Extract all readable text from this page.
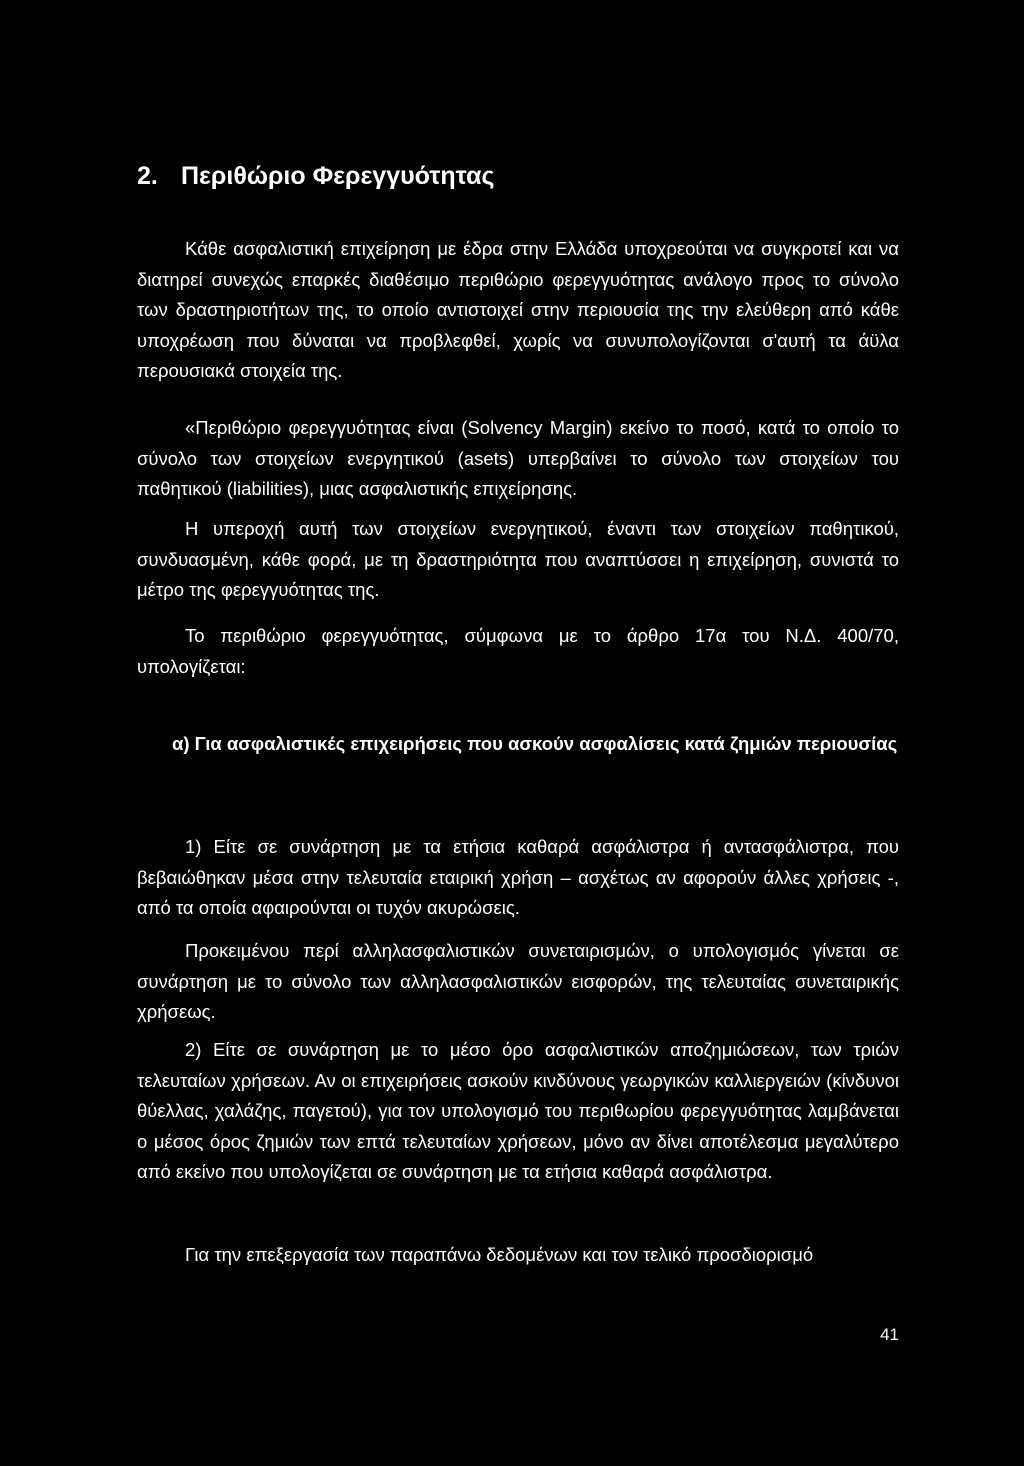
2. Περιθώριο Φερεγγυότητας

Κάθε ασφαλιστική επιχείρηση με έδρα στην Ελλάδα υποχρεούται να συγκροτεί και να διατηρεί συνεχώς επαρκές διαθέσιμο περιθώριο φερεγγυότητας ανάλογο προς το σύνολο των δραστηριοτήτων της, το οποίο αντιστοιχεί στην περιουσία της την ελεύθερη από κάθε υποχρέωση που δύναται να προβλεφθεί, χωρίς να συνυπολογίζονται σ'αυτή τα άϋλα περουσιακά στοιχεία της.

«Περιθώριο φερεγγυότητας είναι (Solvency Margin) εκείνο το ποσό, κατά το οποίο το σύνολο των στοιχείων ενεργητικού (asets) υπερβαίνει το σύνολο των στοιχείων του παθητικού (liabilities), μιας ασφαλιστικής επιχείρησης.

Η υπεροχή αυτή των στοιχείων ενεργητικού, έναντι των στοιχείων παθητικού, συνδυασμένη, κάθε φορά, με τη δραστηριότητα που αναπτύσσει η επιχείρηση, συνιστά το μέτρο της φερεγγυότητας της.

Το περιθώριο φερεγγυότητας, σύμφωνα με το άρθρο 17α του Ν.Δ. 400/70, υπολογίζεται:

α) Για ασφαλιστικές επιχειρήσεις που ασκούν ασφαλίσεις κατά ζημιών περιουσίας

1) Είτε σε συνάρτηση με τα ετήσια καθαρά ασφάλιστρα ή αντασφάλιστρα, που βεβαιώθηκαν μέσα στην τελευταία εταιρική χρήση – ασχέτως αν αφορούν άλλες χρήσεις -, από τα οποία αφαιρούνται οι τυχόν ακυρώσεις.

Προκειμένου περί αλληλασφαλιστικών συνεταιρισμών, ο υπολογισμός γίνεται σε συνάρτηση με το σύνολο των αλληλασφαλιστικών εισφορών, της τελευταίας συνεταιρικής χρήσεως.

2) Είτε σε συνάρτηση με το μέσο όρο ασφαλιστικών αποζημιώσεων, των τριών τελευταίων χρήσεων. Αν οι επιχειρήσεις ασκούν κινδύνους γεωργικών καλλιεργειών (κίνδυνοι θύελλας, χαλάζης, παγετού), για τον υπολογισμό του περιθωρίου φερεγγυότητας λαμβάνεται ο μέσος όρος ζημιών των επτά τελευταίων χρήσεων, μόνο αν δίνει αποτέλεσμα μεγαλύτερο από εκείνο που υπολογίζεται σε συνάρτηση με τα ετήσια καθαρά ασφάλιστρα.

Για την επεξεργασία των παραπάνω δεδομένων και τον τελικό προσδιορισμό

41
